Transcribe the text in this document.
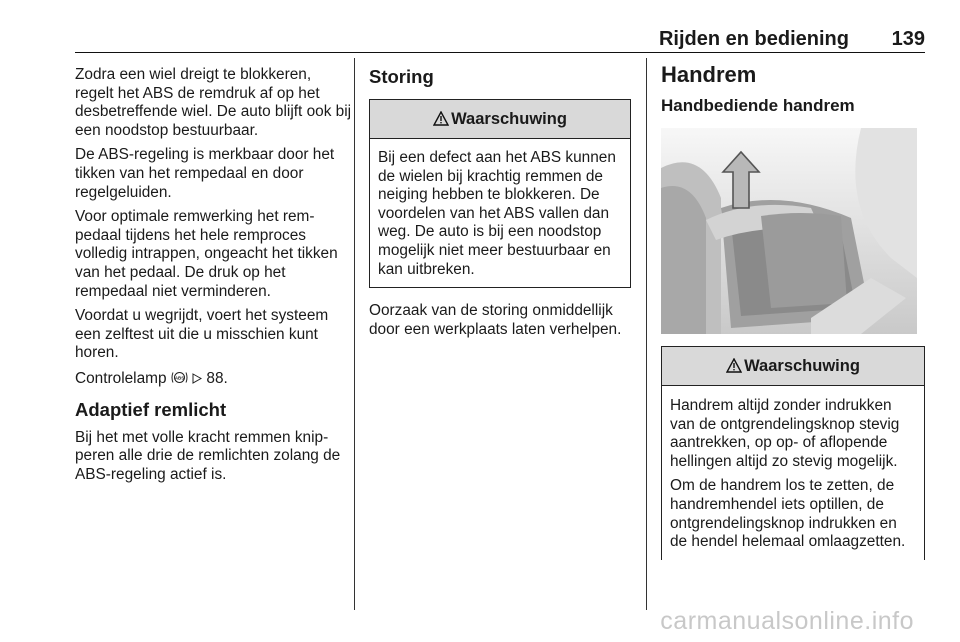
Rijden en bediening 139

Zodra een wiel dreigt te blokkeren, regelt het ABS de remdruk af op het desbetreffende wiel. De auto blijft ook bij een noodstop bestuurbaar.

De ABS-regeling is merkbaar door het tikken van het rempedaal en door regelgeluiden.

Voor optimale remwerking het rempedaal tijdens het hele remproces volledig intrappen, ongeacht het tikken van het pedaal. De druk op het rempedaal niet verminderen.

Voordat u wegrijdt, voert het systeem een zelftest uit die u misschien kunt horen.

Controlelamp ABS 88.

Adaptief remlicht

Bij het met volle kracht remmen knipperen alle drie de remlichten zolang de ABS-regeling actief is.

Storing
Waarschuwing

Bij een defect aan het ABS kunnen de wielen bij krachtig remmen de neiging hebben te blokkeren. De voordelen van het ABS vallen dan weg. De auto is bij een noodstop mogelijk niet meer bestuurbaar en kan uitbreken.

Oorzaak van de storing onmiddellijk door een werkplaats laten verhelpen.

Handrem
Handbediende handrem
Waarschuwing

Handrem altijd zonder indrukken van de ontgrendelingsknop stevig aantrekken, op op- of aflopende hellingen altijd zo stevig mogelijk.

Om de handrem los te zetten, de handremhendel iets optillen, de ontgrendelingsknop indrukken en de hendel helemaal omlaagzetten.

carmanualsonline.info
